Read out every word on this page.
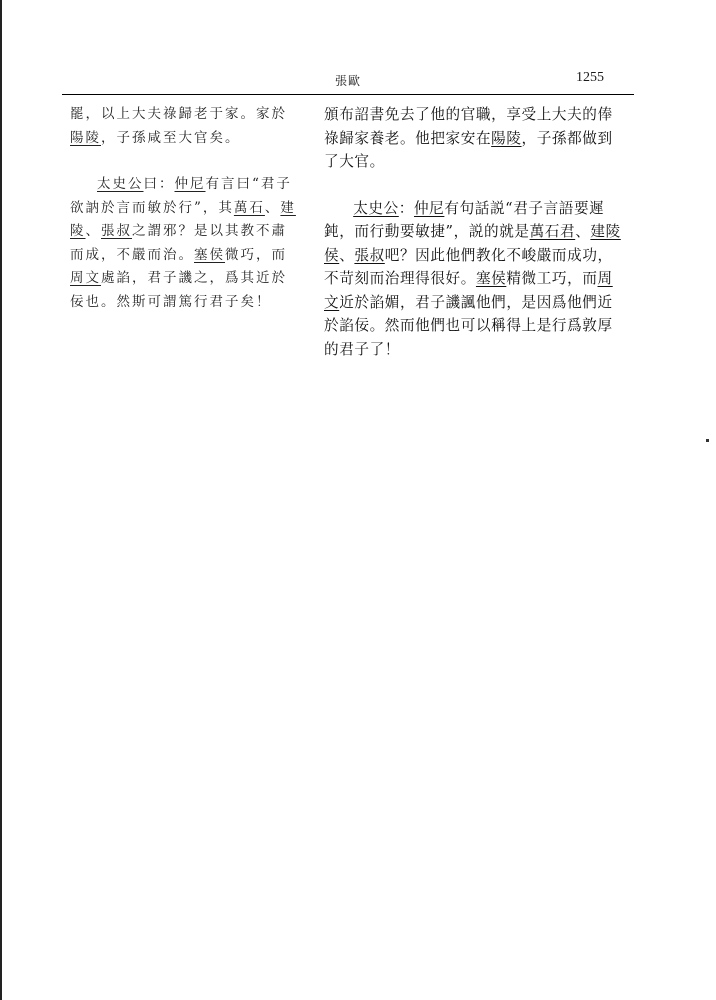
張歐	1255

罷，以上大夫祿歸老于家。家於陽陵，子孫咸至大官矣。

太史公曰：仲尼有言曰“君子欲訥於言而敏於行”，其萬石、建陵、張叔之謂邪？是以其教不肅而成，不嚴而治。塞侯微巧，而周文處諂，君子譏之，爲其近於佞也。然斯可謂篤行君子矣！

頒布詔書免去了他的官職，享受上大夫的俸祿歸家養老。他把家安在陽陵，子孫都做到了大官。

太史公：仲尼有句話説“君子言語要遲鈍，而行動要敏捷”，説的就是萬石君、建陵侯、張叔吧？因此他們教化不峻嚴而成功，不苛刻而治理得很好。塞侯精微工巧，而周文近於諂媚，君子譏諷他們，是因爲他們近於諂佞。然而他們也可以稱得上是行爲敦厚的君子了！
